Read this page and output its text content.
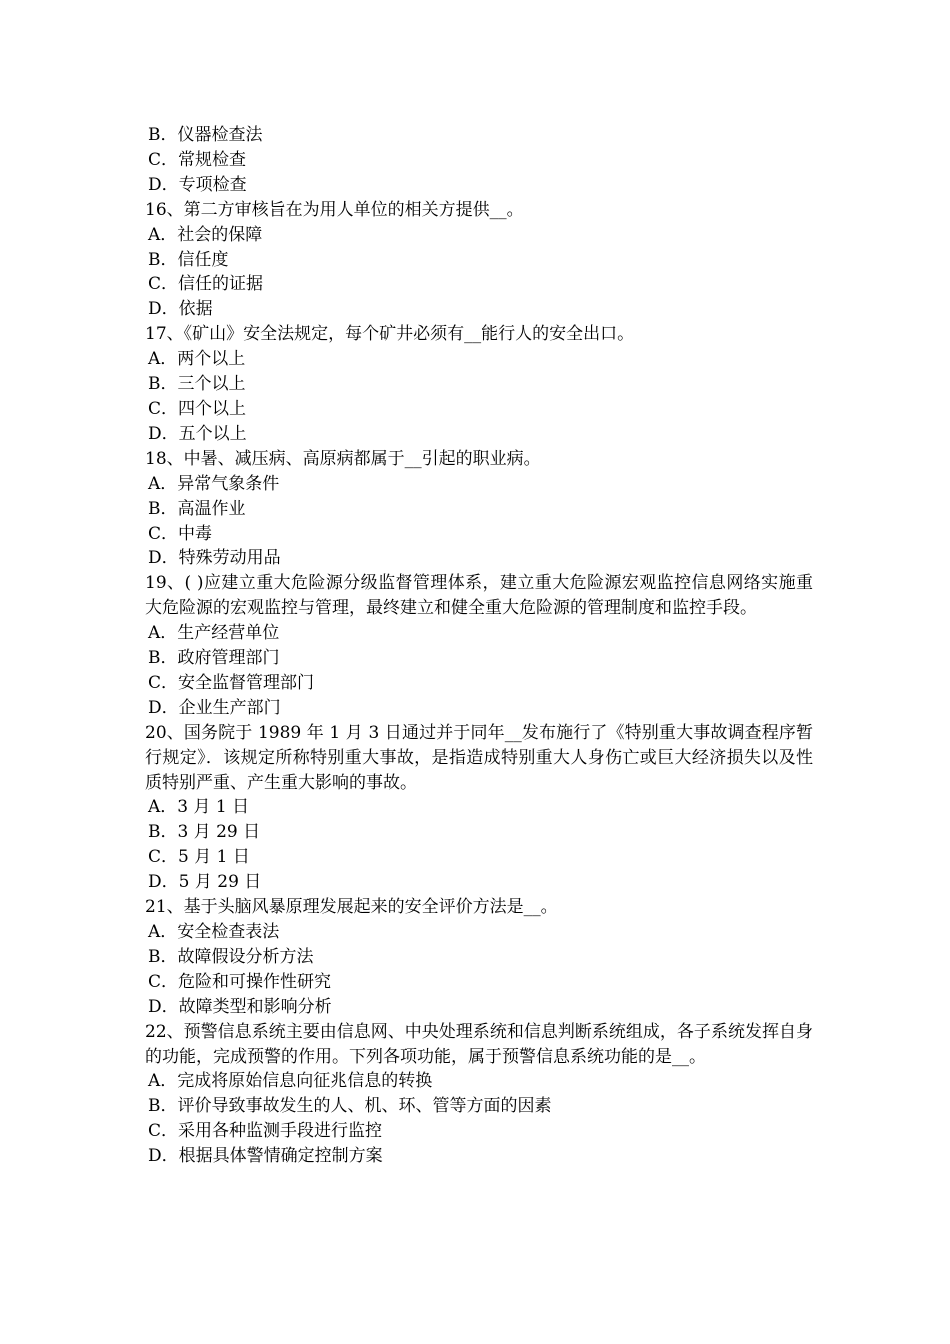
B．仪器检查法

C．常规检查

D．专项检查

16、第二方审核旨在为用人单位的相关方提供__。

A．社会的保障

B．信任度

C．信任的证据

D．依据

17、《矿山》安全法规定，每个矿井必须有__能行人的安全出口。

A．两个以上

B．三个以上

C．四个以上

D．五个以上

18、中暑、减压病、高原病都属于__引起的职业病。

A．异常气象条件

B．高温作业

C．中毒

D．特殊劳动用品

19、( )应建立重大危险源分级监督管理体系，建立重大危险源宏观监控信息网络实施重大危险源的宏观监控与管理，最终建立和健全重大危险源的管理制度和监控手段。

A．生产经营单位

B．政府管理部门

C．安全监督管理部门

D．企业生产部门

20、国务院于 1989 年 1 月 3 日通过并于同年__发布施行了《特别重大事故调查程序暂行规定》．该规定所称特别重大事故，是指造成特别重大人身伤亡或巨大经济损失以及性质特别严重、产生重大影响的事故。

A．3 月 1 日

B．3 月 29 日

C．5 月 1 日

D．5 月 29 日

21、基于头脑风暴原理发展起来的安全评价方法是__。

A．安全检查表法

B．故障假设分析方法

C．危险和可操作性研究

D．故障类型和影响分析

22、预警信息系统主要由信息网、中央处理系统和信息判断系统组成，各子系统发挥自身的功能，完成预警的作用。下列各项功能，属于预警信息系统功能的是__。

A．完成将原始信息向征兆信息的转换

B．评价导致事故发生的人、机、环、管等方面的因素

C．采用各种监测手段进行监控

D．根据具体警情确定控制方案
